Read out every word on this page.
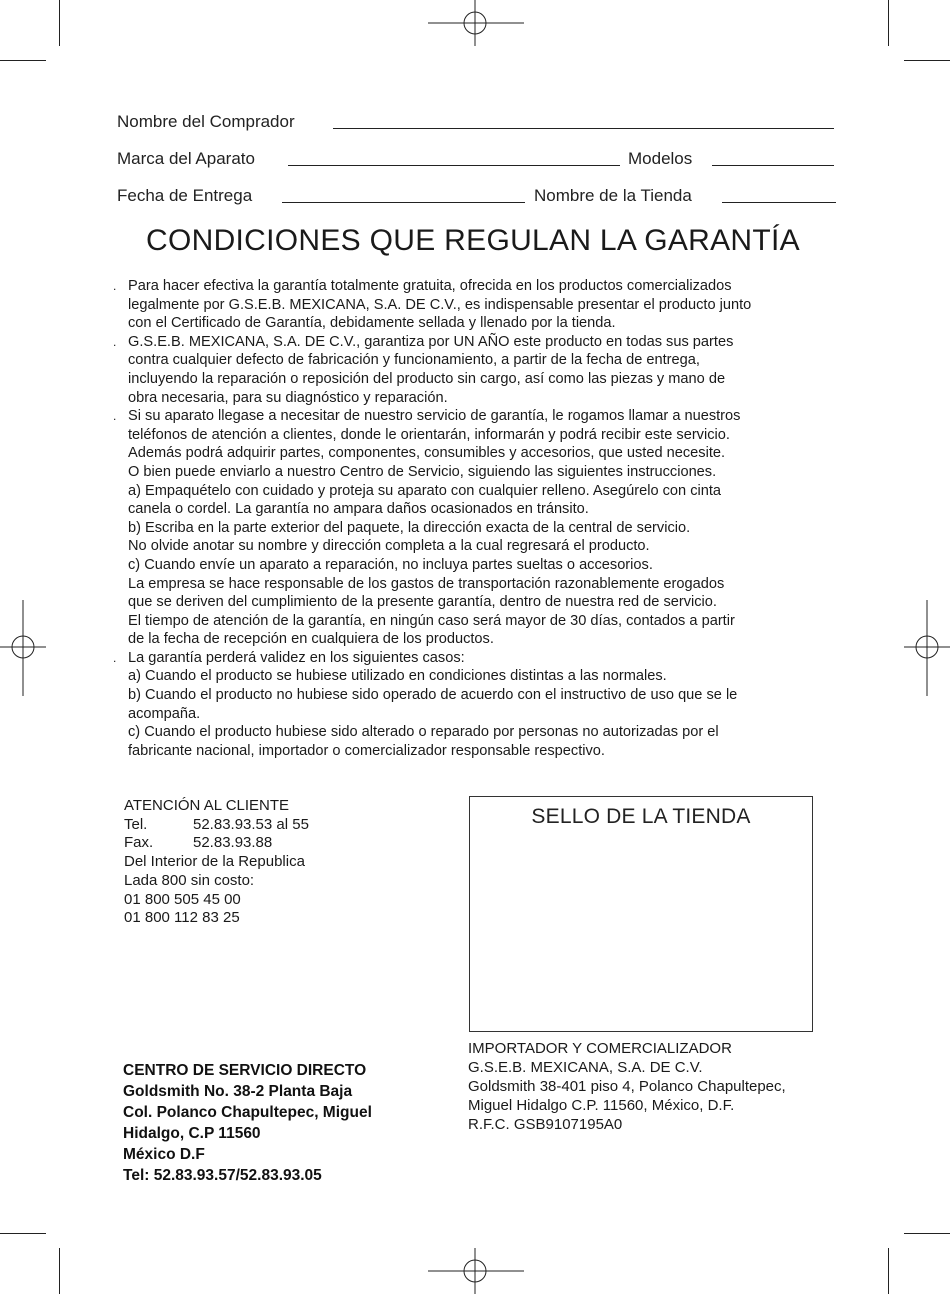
Nombre del Comprador
Marca del Aparato	Modelos
Fecha de Entrega	Nombre de la Tienda
CONDICIONES QUE REGULAN LA GARANTÍA
. Para hacer efectiva la garantía totalmente gratuita, ofrecida en los productos comercializados
legalmente por G.S.E.B. MEXICANA, S.A. DE C.V., es indispensable presentar el producto junto
con el Certificado de Garantía, debidamente sellada y llenado por la tienda.
. G.S.E.B. MEXICANA, S.A. DE C.V., garantiza por UN AÑO este producto en todas sus partes
contra cualquier defecto de fabricación y funcionamiento, a partir de la fecha de entrega,
incluyendo la reparación o reposición del producto sin cargo, así como las piezas y mano de
obra necesaria, para su diagnóstico y reparación.
. Si su aparato llegase a necesitar de nuestro servicio de garantía, le rogamos llamar a nuestros
teléfonos de atención a clientes, donde le orientarán, informarán y podrá recibir este servicio.
Además podrá adquirir partes, componentes, consumibles y accesorios, que usted necesite.
O bien puede enviarlo a nuestro Centro de Servicio, siguiendo las siguientes instrucciones.
a) Empaquételo con cuidado y proteja su aparato con cualquier relleno. Asegúrelo con cinta
canela o cordel. La garantía no ampara daños ocasionados en tránsito.
b) Escriba en la parte exterior del paquete, la dirección exacta de la central de servicio.
No olvide anotar su nombre y dirección completa a la cual regresará el producto.
c) Cuando envíe un aparato a reparación, no incluya partes sueltas o accesorios.
La empresa se hace responsable de los gastos de transportación razonablemente erogados
que se deriven del cumplimiento de la presente garantía, dentro de nuestra red de servicio.
El tiempo de atención de la garantía, en ningún caso será mayor de 30 días, contados a partir
de la fecha de recepción en cualquiera de los productos.
. La garantía perderá validez en los siguientes casos:
a) Cuando el producto se hubiese utilizado en condiciones distintas a las normales.
b) Cuando el producto no hubiese sido operado de acuerdo con el instructivo de uso que se le
acompaña.
c) Cuando el producto hubiese sido alterado o reparado por personas no autorizadas por el
fabricante nacional, importador o comercializador responsable respectivo.
ATENCIÓN AL CLIENTE
Tel.	52.83.93.53 al 55
Fax.	52.83.93.88
Del Interior de la Republica
Lada 800 sin costo:
01 800 505 45 00
01 800 112 83 25
SELLO DE LA TIENDA
IMPORTADOR Y COMERCIALIZADOR
G.S.E.B. MEXICANA, S.A. DE C.V.
Goldsmith 38-401 piso 4, Polanco Chapultepec,
Miguel Hidalgo C.P. 11560, México, D.F.
R.F.C. GSB9107195A0
CENTRO DE SERVICIO DIRECTO
Goldsmith No. 38-2 Planta Baja
Col. Polanco Chapultepec, Miguel
Hidalgo, C.P 11560
México D.F
Tel: 52.83.93.57/52.83.93.05
